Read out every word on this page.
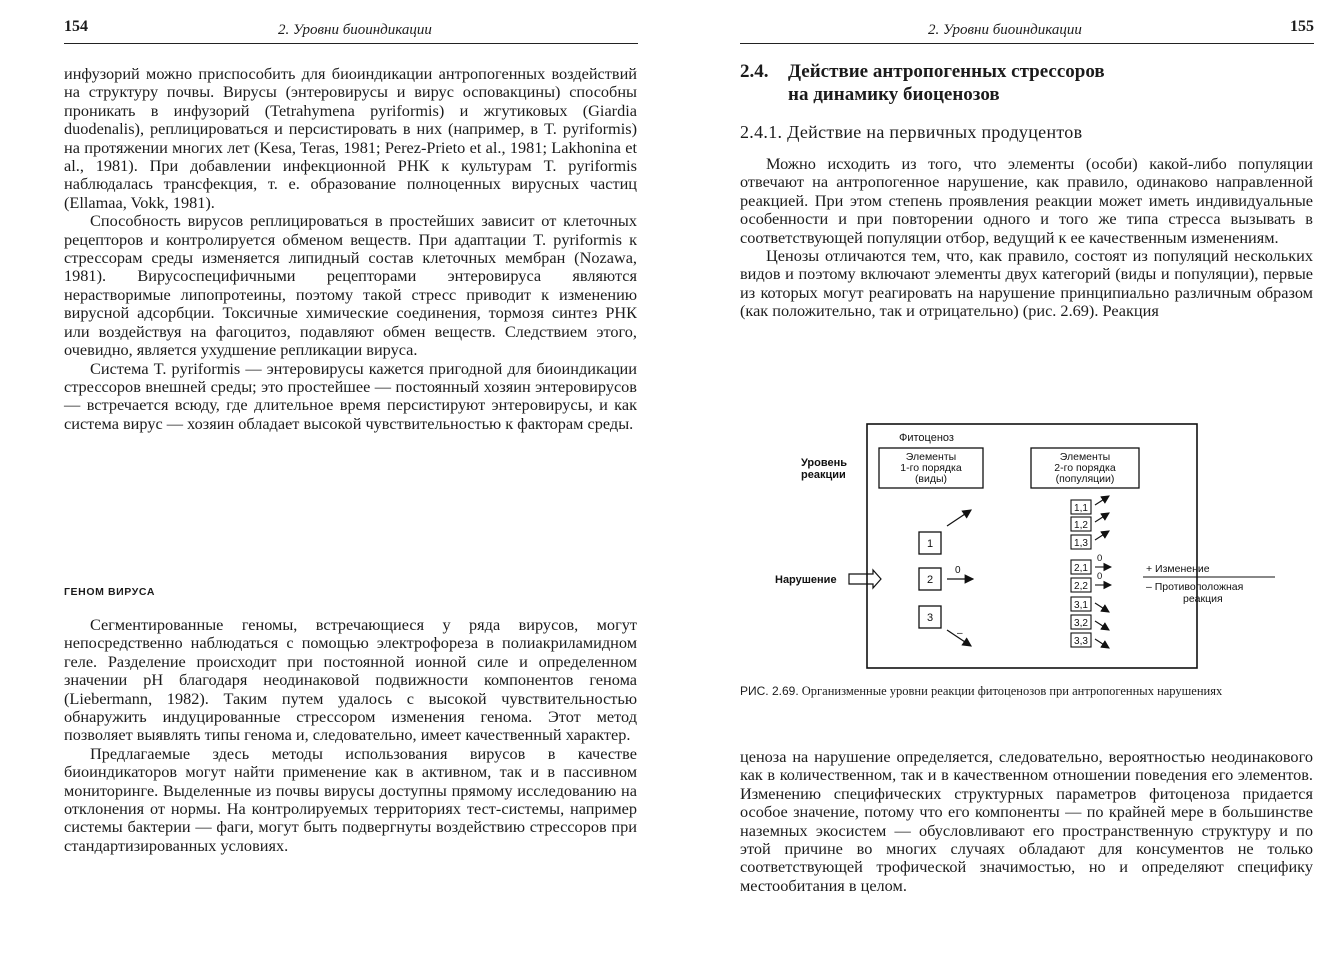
154	2. Уровни биоиндикации

инфузорий можно приспособить для биоиндикации антропогенных воздействий на структуру почвы. Вирусы (энтеровирусы и вирус осповакцины) способны проникать в инфузорий (Tetrahymena pyriformis) и жгутиковых (Giardia duodenalis), реплицироваться и персистировать в них (например, в T. pyriformis) на протяжении многих лет (Kesa, Teras, 1981; Perez-Prieto et al., 1981; Lakhonina et al., 1981). При добавлении инфекционной РНК к культурам T. pyriformis наблюдалась трансфекция, т. е. образование полноценных вирусных частиц (Ellamaa, Vokk, 1981).

Способность вирусов реплицироваться в простейших зависит от клеточных рецепторов и контролируется обменом веществ. При адаптации T. pyriformis к стрессорам среды изменяется липидный состав клеточных мембран (Nozawa, 1981). Вирусоспецифичными рецепторами энтеровируса являются нерастворимые липопротеины, поэтому такой стресс приводит к изменению вирусной адсорбции. Токсичные химические соединения, тормозя синтез РНК или воздействуя на фагоцитоз, подавляют обмен веществ. Следствием этого, очевидно, является ухудшение репликации вируса.

Система T. pyriformis — энтеровирусы кажется пригодной для биоиндикации стрессоров внешней среды; это простейшее — постоянный хозяин энтеровирусов — встречается всюду, где длительное время персистируют энтеровирусы, и как система вирус — хозяин обладает высокой чувствительностью к факторам среды.

ГЕНОМ ВИРУСА

Сегментированные геномы, встречающиеся у ряда вирусов, могут непосредственно наблюдаться с помощью электрофореза в полиакриламидном геле. Разделение происходит при постоянной ионной силе и определенном значении pH благодаря неодинаковой подвижности компонентов генома (Liebermann, 1982). Таким путем удалось с высокой чувствительностью обнаружить индуцированные стрессором изменения генома. Этот метод позволяет выявлять типы генома и, следовательно, имеет качественный характер.

Предлагаемые здесь методы использования вирусов в качестве биоиндикаторов могут найти применение как в активном, так и в пассивном мониторинге. Выделенные из почвы вирусы доступны прямому исследованию на отклонения от нормы. На контролируемых территориях тест-системы, например системы бактерии — фаги, могут быть подвергнуты воздействию стрессоров при стандартизированных условиях.

2. Уровни биоиндикации	155
2.4. Действие антропогенных стрессоров
на динамику биоценозов
2.4.1. Действие на первичных продуцентов

Можно исходить из того, что элементы (особи) какой-либо популяции отвечают на антропогенное нарушение, как правило, одинаково направленной реакцией. При этом степень проявления реакции может иметь индивидуальные особенности и при повторении одного и того же типа стресса вызывать в соответствующей популяции отбор, ведущий к ее качественным изменениям.

Ценозы отличаются тем, что, как правило, состоят из популяций нескольких видов и поэтому включают элементы двух категорий (виды и популяции), первые из которых могут реагировать на нарушение принципиально различным образом (как положительно, так и отрицательно) (рис. 2.69). Реакция

ценоза на нарушение определяется, следовательно, вероятностью неодинакового как в количественном, так и в качественном отношении поведения его элементов. Изменению специфических структурных параметров фитоценоза придается особое значение, потому что его компоненты — по крайней мере в большинстве наземных экосистем — обусловливают его пространственную структуру и по этой причине во многих случаях обладают для консументов не только соответствующей трофической значимостью, но и определяют специфику местообитания в целом.

Фитоценоз
Уровень
реакции
Элементы
1-го порядка
(виды)
Элементы
2-го порядка
(популяции)
Нарушение
1
2
3
+
0
–
1,1
1,2
1,3
2,1
2,2
3,1
3,2
3,3
0
0
+ Изменение
– Противоположная
реакция
РИС. 2.69. Организменные уровни реакции фитоценозов при антропогенных нарушениях
